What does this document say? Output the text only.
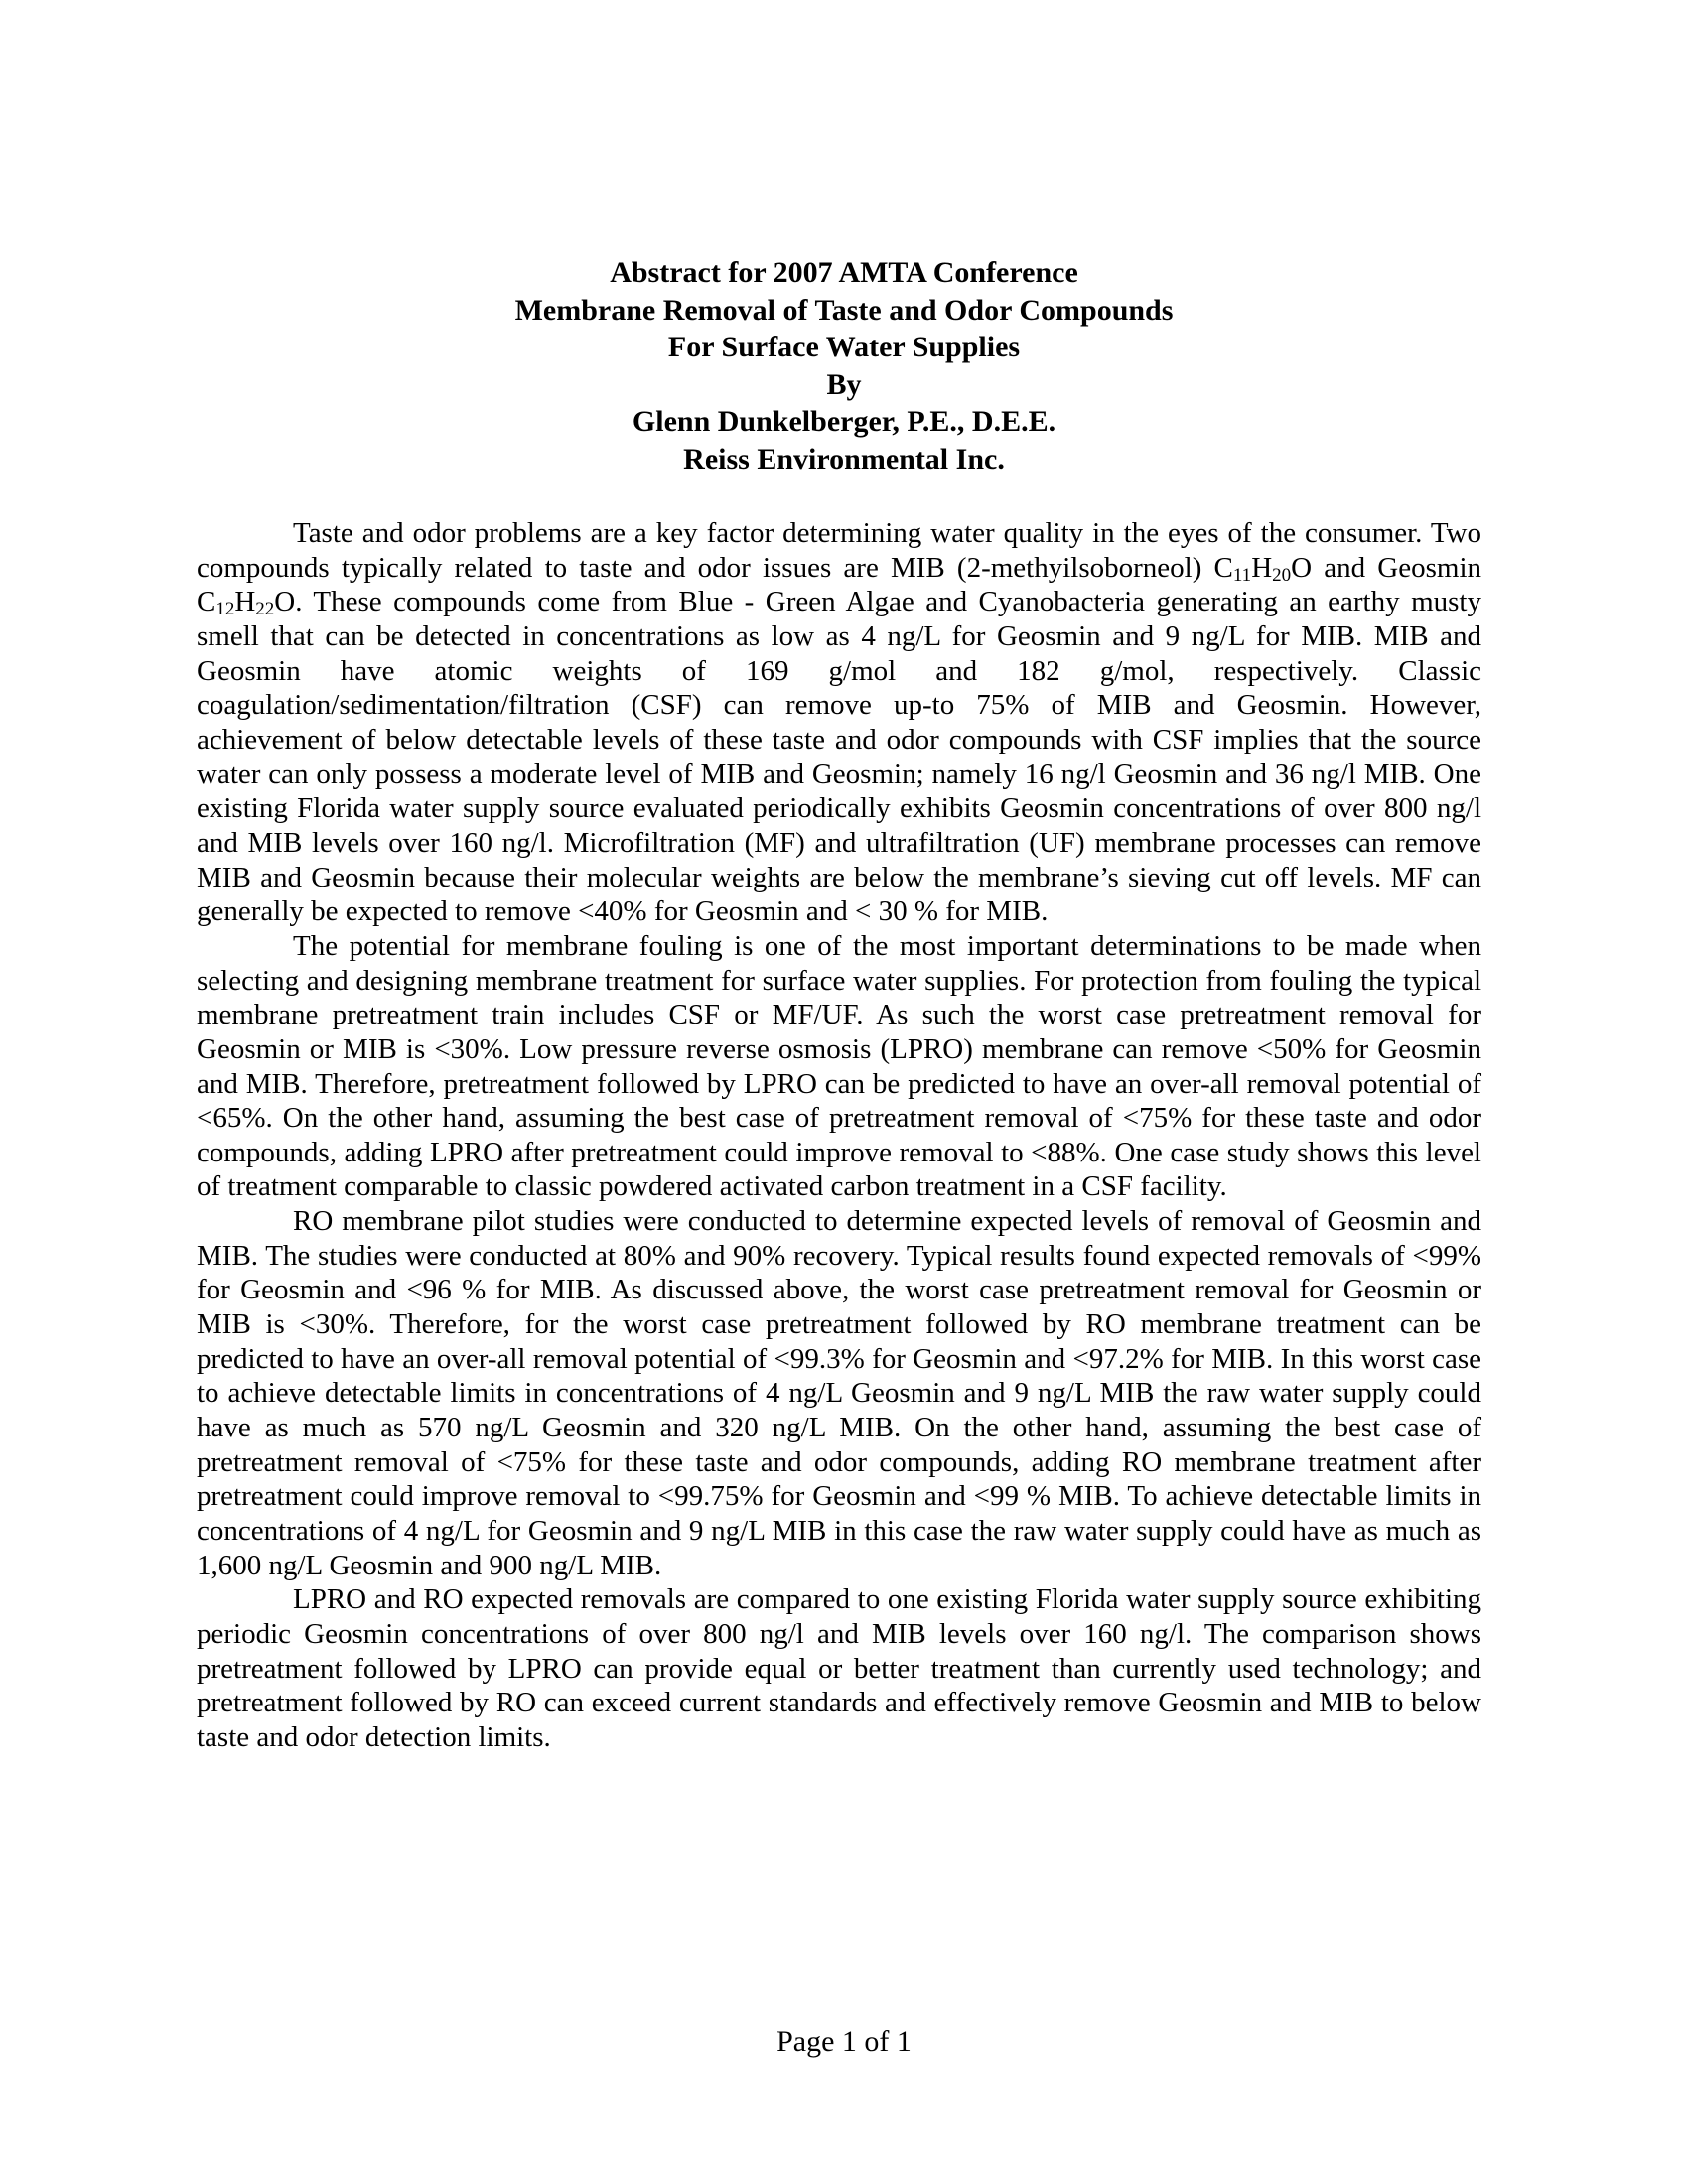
Abstract for 2007 AMTA Conference
Membrane Removal of Taste and Odor Compounds
For Surface Water Supplies
By
Glenn Dunkelberger, P.E., D.E.E.
Reiss Environmental Inc.

Taste and odor problems are a key factor determining water quality in the eyes of the consumer. Two compounds typically related to taste and odor issues are MIB (2-methyilsoborneol) $C_{11}H_{20}O$ and Geosmin $C_{12}H_{22}O$. These compounds come from Blue - Green Algae and Cyanobacteria generating an earthy musty smell that can be detected in concentrations as low as 4 ng/L for Geosmin and 9 ng/L for MIB. MIB and Geosmin have atomic weights of 169 g/mol and 182 g/mol, respectively. Classic coagulation/sedimentation/filtration (CSF) can remove up-to 75% of MIB and Geosmin. However, achievement of below detectable levels of these taste and odor compounds with CSF implies that the source water can only possess a moderate level of MIB and Geosmin; namely 16 ng/l Geosmin and 36 ng/l MIB. One existing Florida water supply source evaluated periodically exhibits Geosmin concentrations of over 800 ng/l and MIB levels over 160 ng/l. Microfiltration (MF) and ultrafiltration (UF) membrane processes can remove MIB and Geosmin because their molecular weights are below the membrane’s sieving cut off levels. MF can generally be expected to remove <40% for Geosmin and < 30 % for MIB.

The potential for membrane fouling is one of the most important determinations to be made when selecting and designing membrane treatment for surface water supplies. For protection from fouling the typical membrane pretreatment train includes CSF or MF/UF. As such the worst case pretreatment removal for Geosmin or MIB is <30%. Low pressure reverse osmosis (LPRO) membrane can remove <50% for Geosmin and MIB. Therefore, pretreatment followed by LPRO can be predicted to have an over-all removal potential of <65%. On the other hand, assuming the best case of pretreatment removal of <75% for these taste and odor compounds, adding LPRO after pretreatment could improve removal to <88%. One case study shows this level of treatment comparable to classic powdered activated carbon treatment in a CSF facility.

RO membrane pilot studies were conducted to determine expected levels of removal of Geosmin and MIB. The studies were conducted at 80% and 90% recovery. Typical results found expected removals of <99% for Geosmin and <96 % for MIB. As discussed above, the worst case pretreatment removal for Geosmin or MIB is <30%. Therefore, for the worst case pretreatment followed by RO membrane treatment can be predicted to have an over-all removal potential of <99.3% for Geosmin and <97.2% for MIB. In this worst case to achieve detectable limits in concentrations of 4 ng/L Geosmin and 9 ng/L MIB the raw water supply could have as much as 570 ng/L Geosmin and 320 ng/L MIB. On the other hand, assuming the best case of pretreatment removal of <75% for these taste and odor compounds, adding RO membrane treatment after pretreatment could improve removal to <99.75% for Geosmin and <99 % MIB. To achieve detectable limits in concentrations of 4 ng/L for Geosmin and 9 ng/L MIB in this case the raw water supply could have as much as 1,600 ng/L Geosmin and 900 ng/L MIB.

LPRO and RO expected removals are compared to one existing Florida water supply source exhibiting periodic Geosmin concentrations of over 800 ng/l and MIB levels over 160 ng/l. The comparison shows pretreatment followed by LPRO can provide equal or better treatment than currently used technology; and pretreatment followed by RO can exceed current standards and effectively remove Geosmin and MIB to below taste and odor detection limits.

Page 1 of 1
